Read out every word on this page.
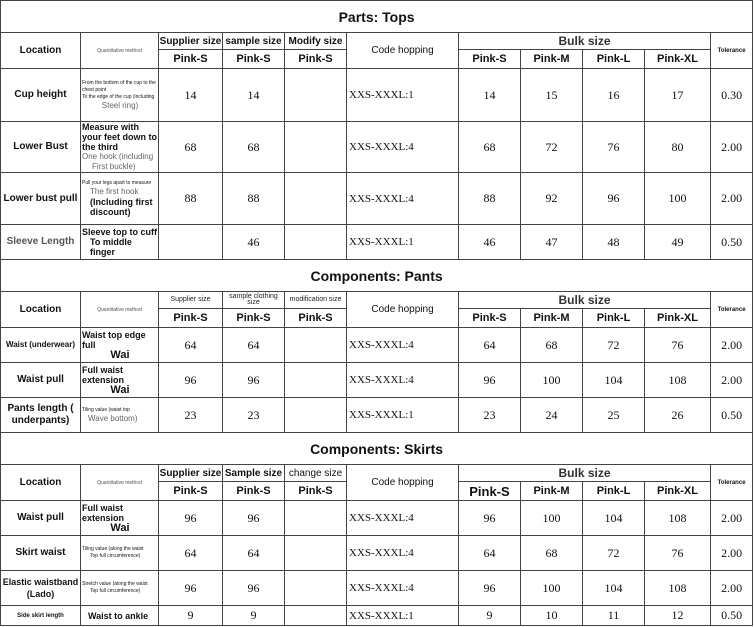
Parts: Tops										
Location	Quantitative method	Supplier size	sample size	Modify size	Code hopping	Bulk size				Tolerance
		Pink-S	Pink-S	Pink-S		Pink-S	Pink-M	Pink-L	Pink-XL	
Cup height	From the bottom of the cup to the chest point
To the edge of the cup (including
Steel ring)	14	14		XXS-XXXL:1	14	15	16	17	0.30
Lower Bust	Measure with your feet down to the third
One hook (including
First buckle)	68	68		XXS-XXXL:4	68	72	76	80	2.00
Lower bust pull	Pull your legs apart to measure
The first hook
(Including first discount)	88	88		XXS-XXXL:4	88	92	96	100	2.00
Sleeve Length	Sleeve top to cuff
To middle
finger		46		XXS-XXXL:1	46	47	48	49	0.50
Components: Pants										
Location	Quantitative method	Supplier size	sample clothing size	modification size	Code hopping	Bulk size				Tolerance
		Pink-S	Pink-S	Pink-S		Pink-S	Pink-M	Pink-L	Pink-XL	
Waist (underwear)	Waist top edge full
Wai	64	64		XXS-XXXL:4	64	68	72	76	2.00
Waist pull	Full waist extension
Wai	96	96		XXS-XXXL:4	96	100	104	108	2.00
Pants length ( underpants)	Tiling value (waist top
Wave bottom)	23	23		XXS-XXXL:1	23	24	25	26	0.50
Components: Skirts										
Location	Quantitative method	Supplier size	Sample size	change size	Code hopping	Bulk size				Tolerance
		Pink-S	Pink-S	Pink-S		Pink-S	Pink-M	Pink-L	Pink-XL	
Waist pull	Full waist extension
Wai	96	96		XXS-XXXL:4	96	100	104	108	2.00
Skirt waist	Tiling value (along the waist
Top full circumference)	64	64		XXS-XXXL:4	64	68	72	76	2.00
Elastic waistband (Lado)	Stretch value (along the waist
Top full circumference)	96	96		XXS-XXXL:4	96	100	104	108	2.00
Side skirt length	Waist to ankle	9	9		XXS-XXXL:1	9	10	11	12	0.50
